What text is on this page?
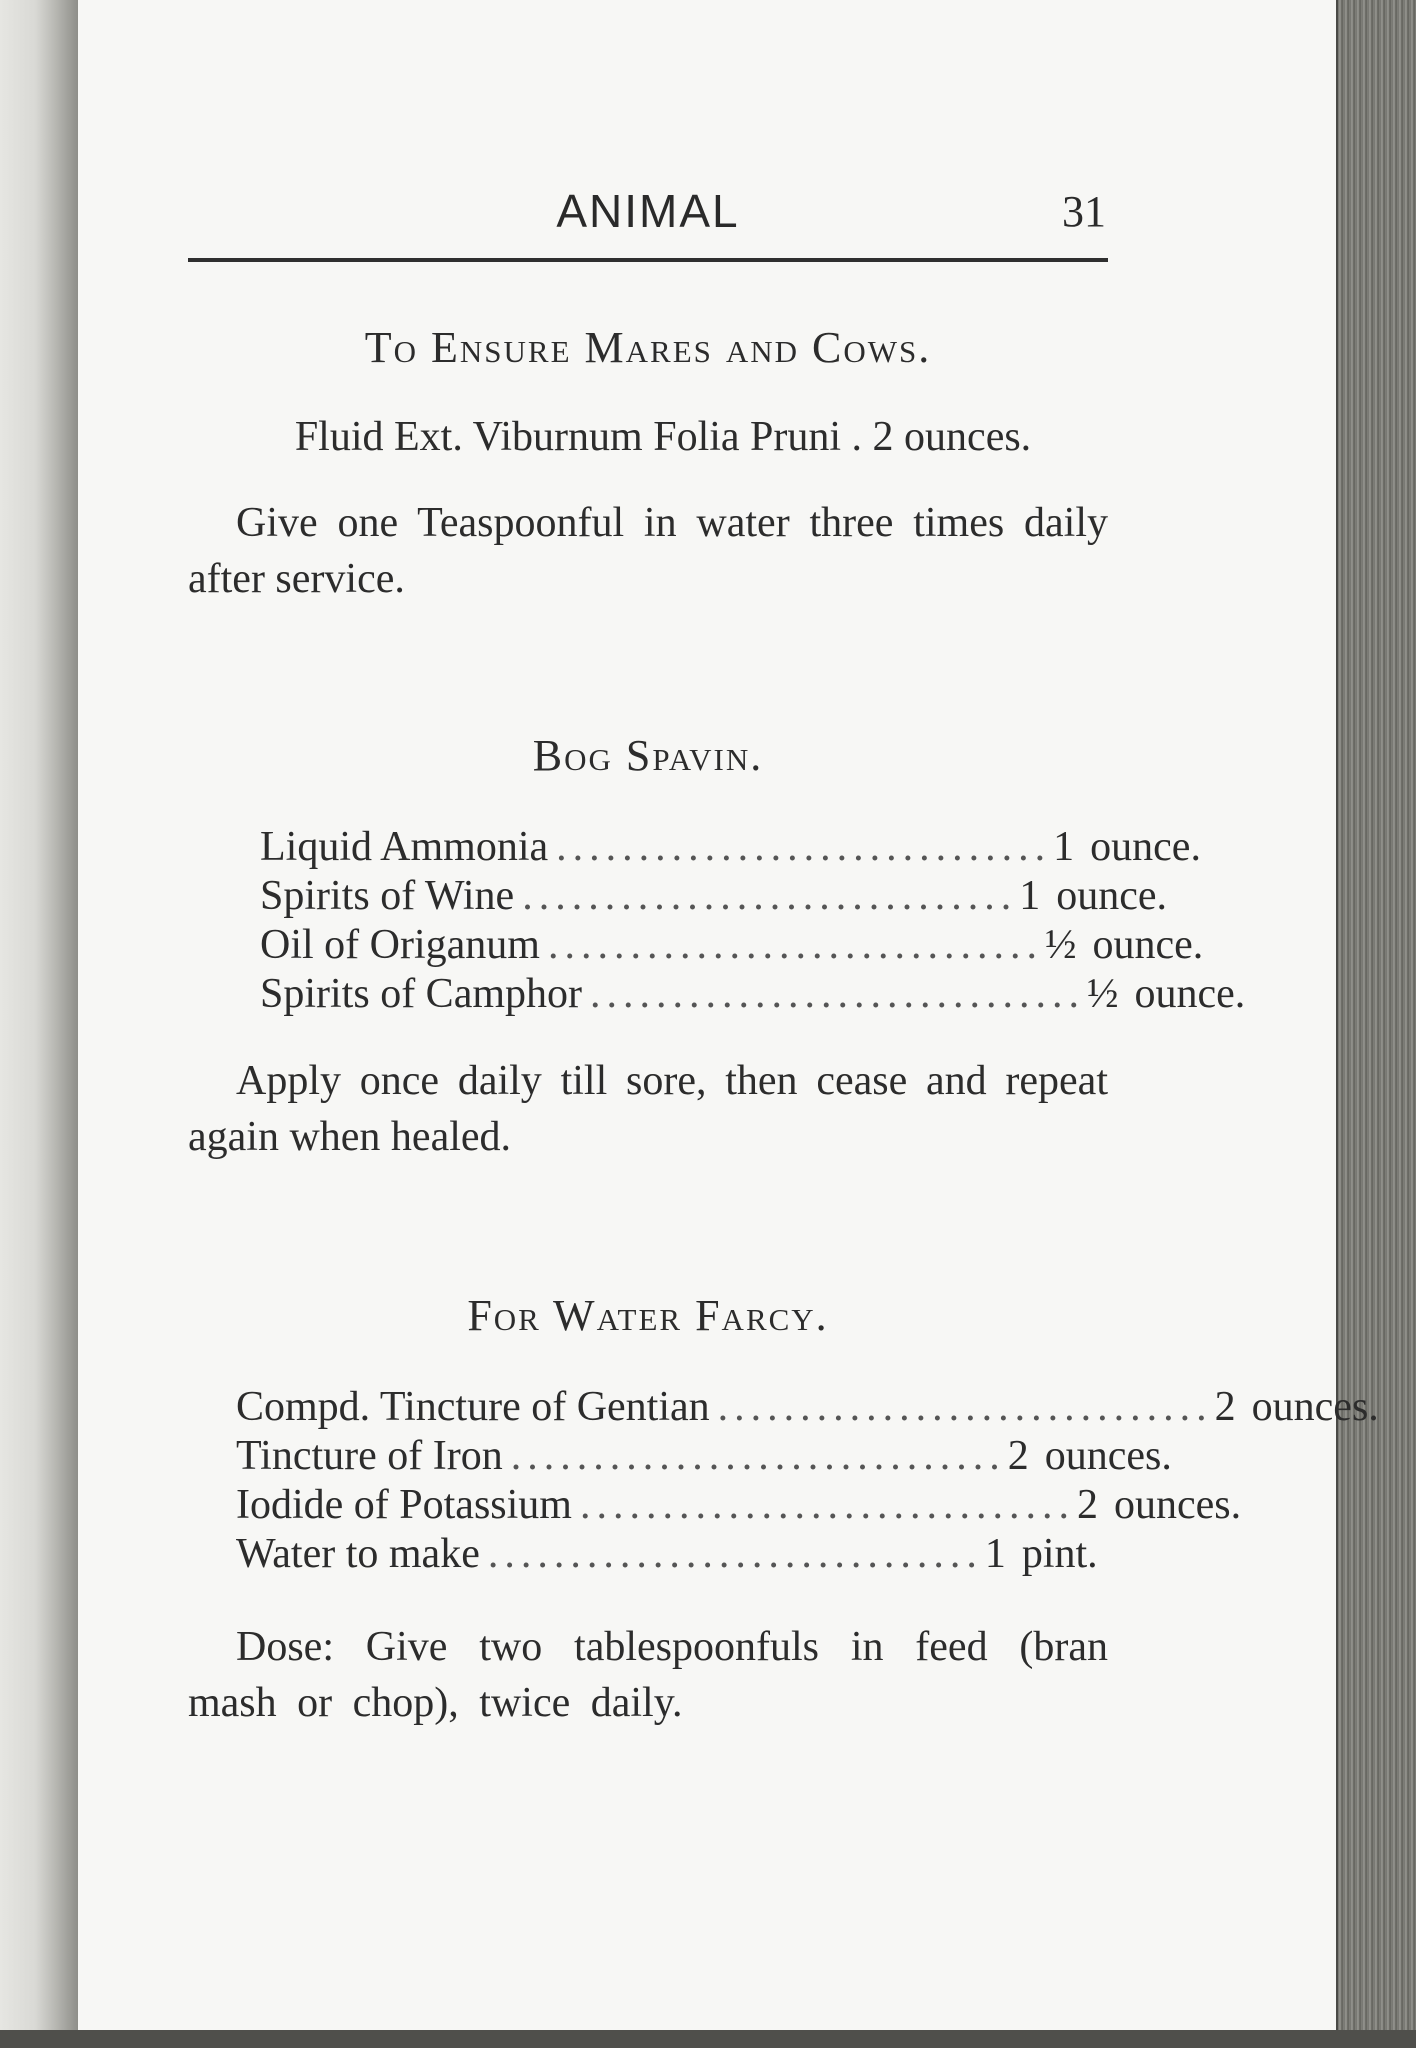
ANIMAL	31
To Ensure Mares and Cows.
Fluid Ext. Viburnum Folia Pruni . 2 ounces.
Give one Teaspoonful in water three times daily after service.
Bog Spavin.
Liquid Ammonia .............................. 1 ounce.
Spirits of Wine .............................. 1 ounce.
Oil of Origanum .............................. ½ ounce.
Spirits of Camphor .............................. ½ ounce.
Apply once daily till sore, then cease and repeat again when healed.
For Water Farcy.
Compd. Tincture of Gentian .............................. 2 ounces.
Tincture of Iron .............................. 2 ounces.
Iodide of Potassium .............................. 2 ounces.
Water to make .............................. 1 pint.
Dose: Give two tablespoonfuls in feed (bran mash or chop), twice daily.
